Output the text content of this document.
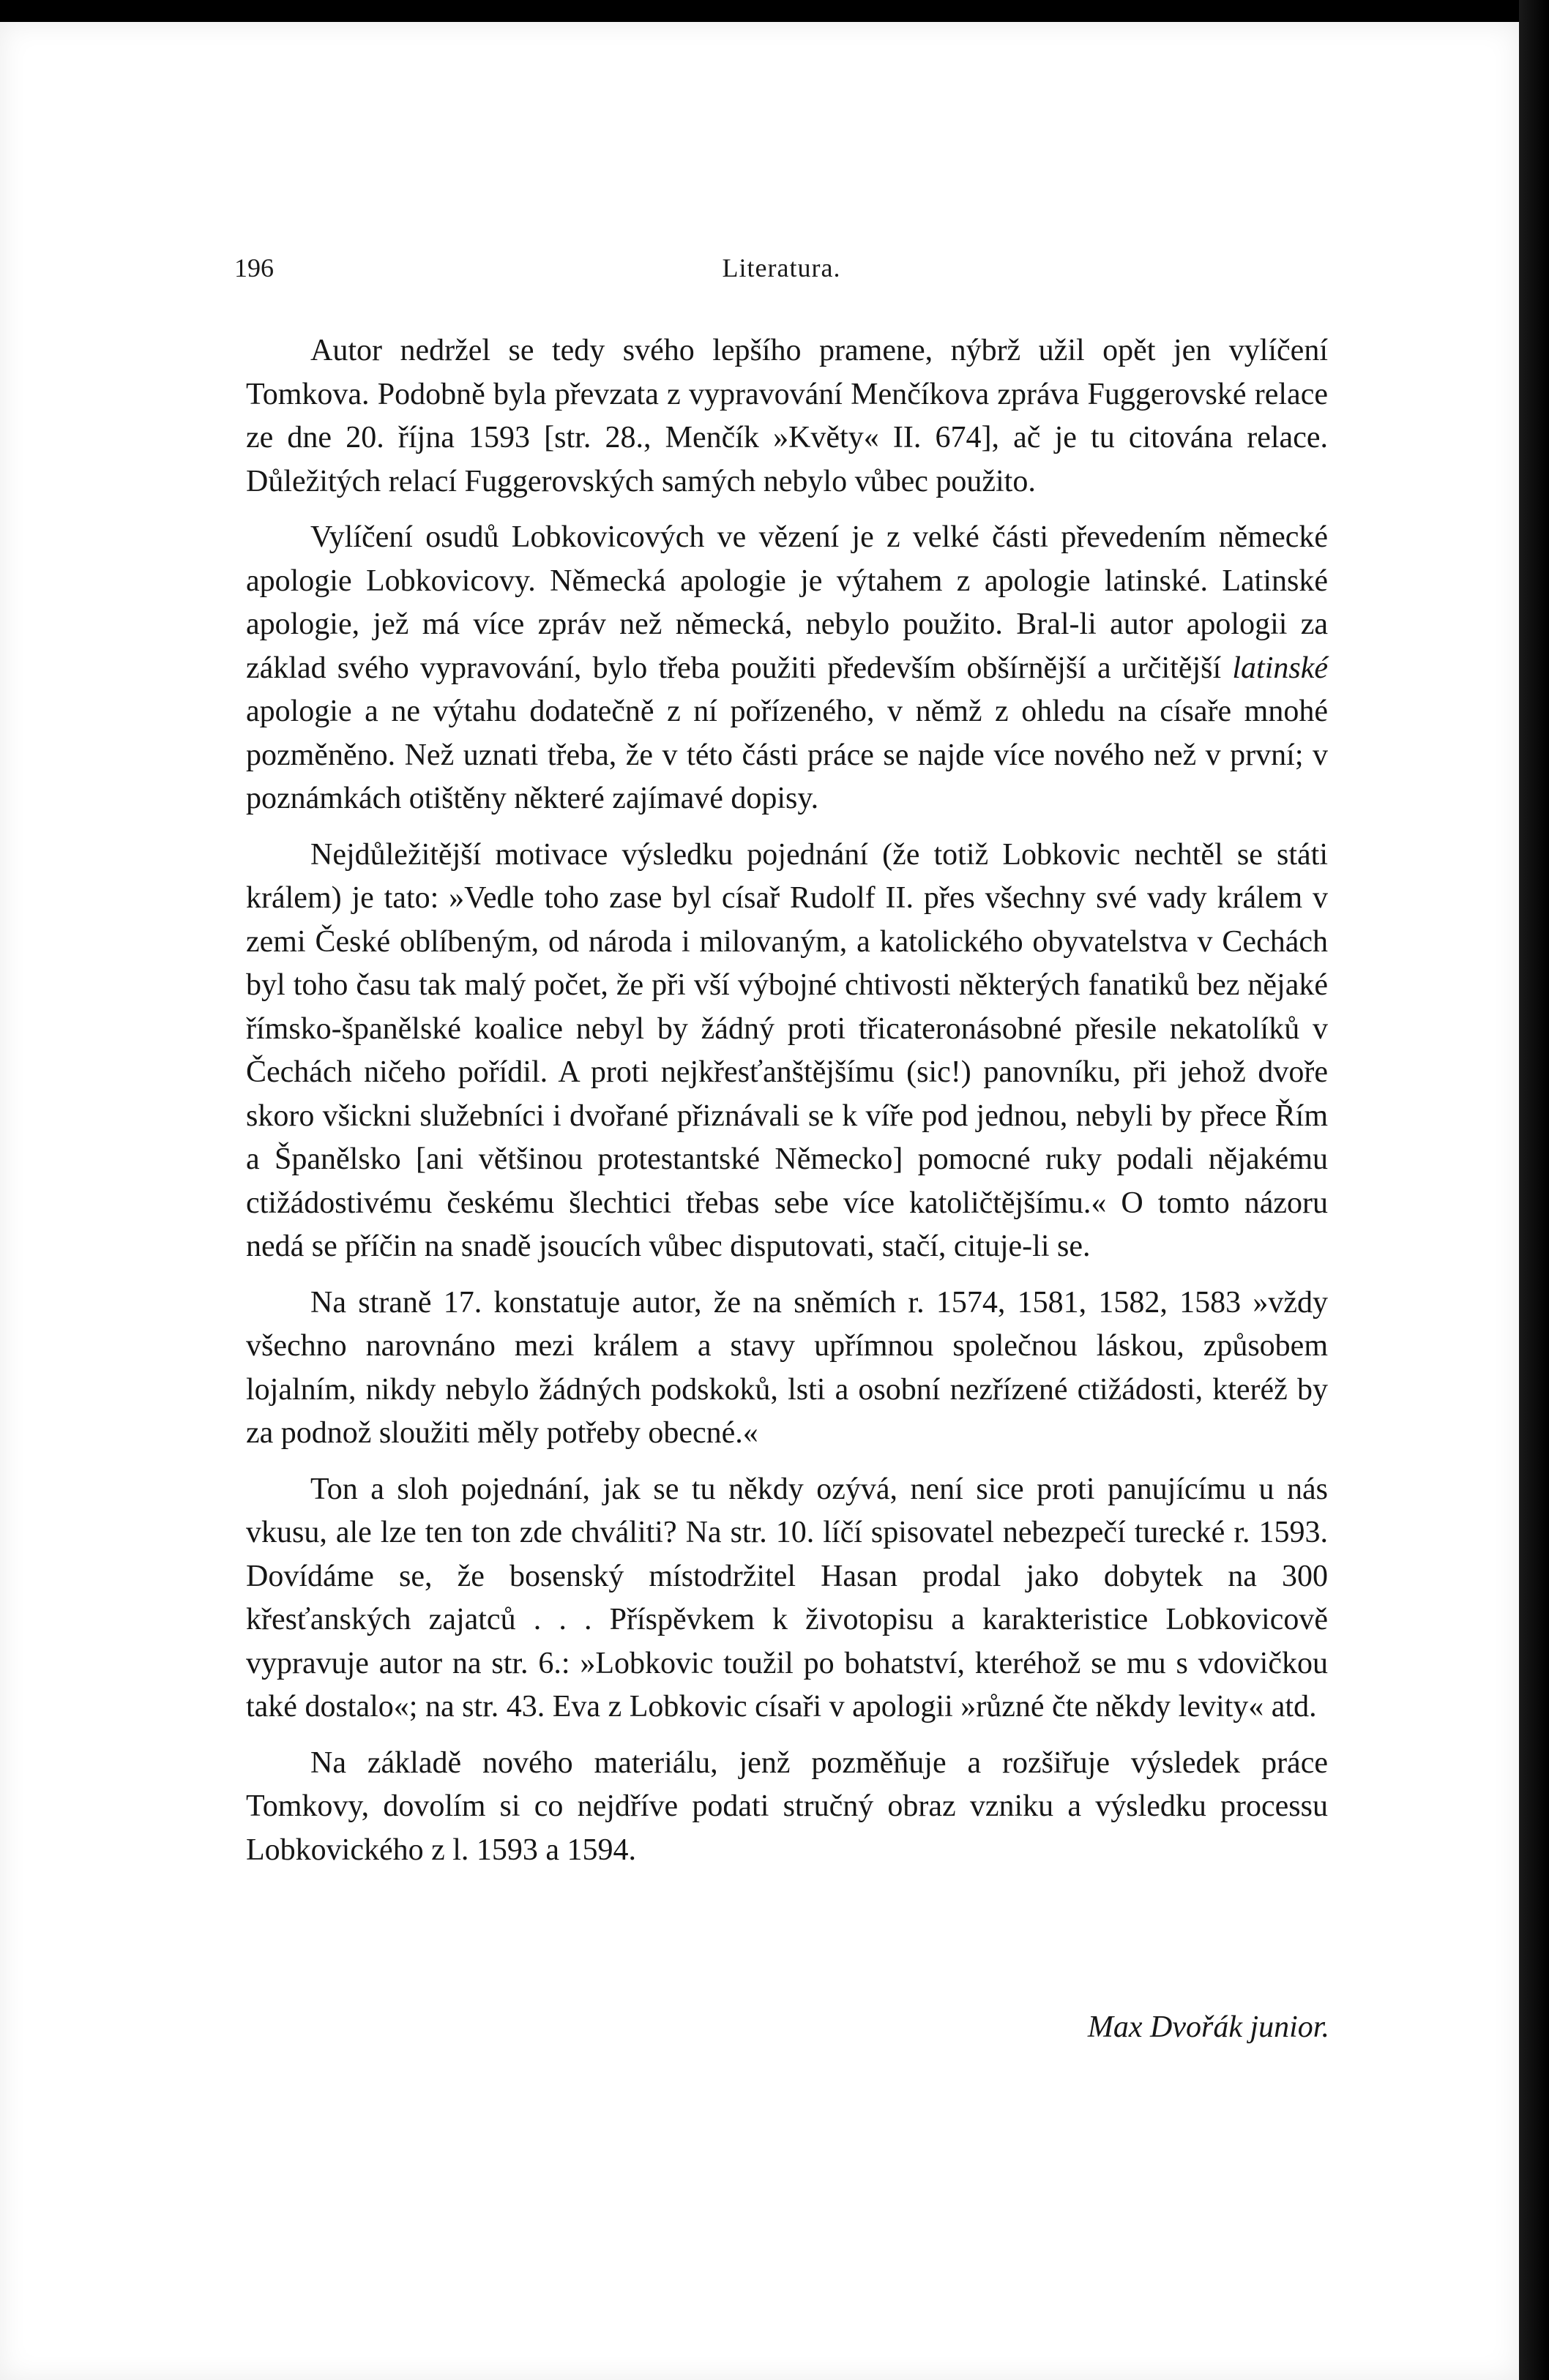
196	Literatura.

Autor nedržel se tedy svého lepšího pramene, nýbrž užil opět jen vylíčení Tomkova. Podobně byla převzata z vypravování Menčíkova zpráva Fuggerovské relace ze dne 20. října 1593 [str. 28., Menčík »Květy« II. 674], ač je tu citována relace. Důležitých relací Fuggerovských samých nebylo vůbec použito.

Vylíčení osudů Lobkovicových ve vězení je z velké části převedením německé apologie Lobkovicovy. Německá apologie je výtahem z apologie latinské. Latinské apologie, jež má více zpráv než německá, nebylo použito. Bral-li autor apologii za základ svého vypravování, bylo třeba použiti především obšírnější a určitější latinské apologie a ne výtahu dodatečně z ní pořízeného, v němž z ohledu na císaře mnohé pozměněno. Než uznati třeba, že v této části práce se najde více nového než v první; v poznámkách otištěny některé zajímavé dopisy.

Nejdůležitější motivace výsledku pojednání (že totiž Lobkovic nechtěl se státi králem) je tato: »Vedle toho zase byl císař Rudolf II. přes všechny své vady králem v zemi České oblíbeným, od národa i milovaným, a katolického obyvatelstva v Cechách byl toho času tak malý počet, že při vší výbojné chtivosti některých fanatiků bez nějaké římsko-španělské koalice nebyl by žádný proti třicateronásobné přesile nekatolíků v Čechách ničeho pořídil. A proti nejkřesťanštějšímu (sic!) panovníku, při jehož dvoře skoro všickni služebníci i dvořané přiznávali se k víře pod jednou, nebyli by přece Řím a Španělsko [ani většinou protestantské Německo] pomocné ruky podali nějakému ctižádostivému českému šlechtici třebas sebe více katoličtějšímu.« O tomto názoru nedá se příčin na snadě jsoucích vůbec disputovati, stačí, cituje-li se.

Na straně 17. konstatuje autor, že na sněmích r. 1574, 1581, 1582, 1583 »vždy všechno narovnáno mezi králem a stavy upřímnou společnou láskou, způsobem lojalním, nikdy nebylo žádných podskoků, lsti a osobní nezřízené ctižádosti, kteréž by za podnož sloužiti měly potřeby obecné.«

Ton a sloh pojednání, jak se tu někdy ozývá, není sice proti panujícímu u nás vkusu, ale lze ten ton zde chváliti? Na str. 10. líčí spisovatel nebezpečí turecké r. 1593. Dovídáme se, že bosenský místodržitel Hasan prodal jako dobytek na 300 křesťanských zajatců . . . Příspěvkem k životopisu a karakteristice Lobkovicově vypravuje autor na str. 6.: »Lobkovic toužil po bohatství, kteréhož se mu s vdovičkou také dostalo«; na str. 43. Eva z Lobkovic císaři v apologii »různé čte někdy levity« atd.

Na základě nového materiálu, jenž pozměňuje a rozšiřuje výsledek práce Tomkovy, dovolím si co nejdříve podati stručný obraz vzniku a výsledku processu Lobkovického z l. 1593 a 1594.

Max Dvořák junior.
